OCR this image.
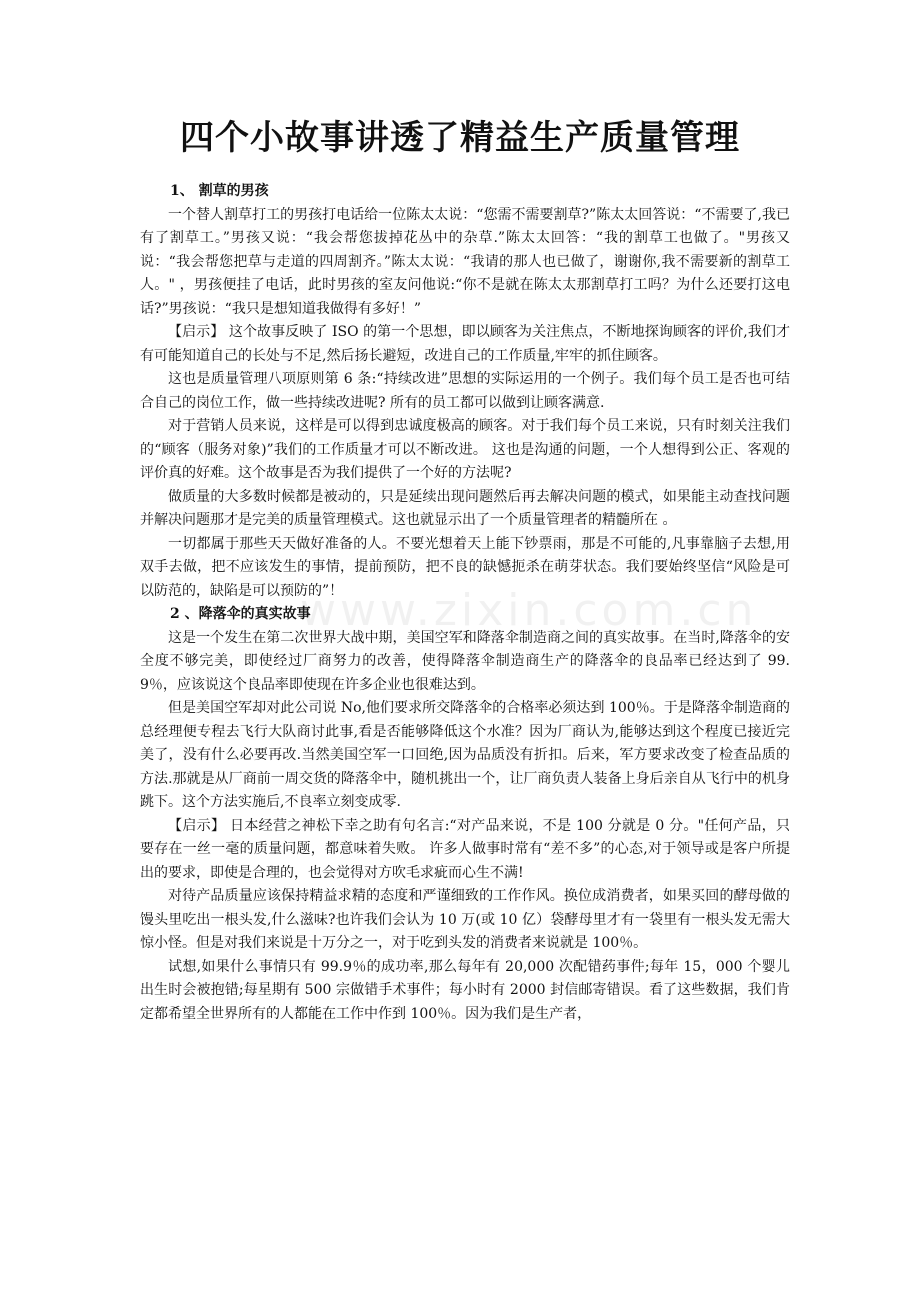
www.zixin.com.cn
四个小故事讲透了精益生产质量管理

1、 割草的男孩

一个替人割草打工的男孩打电话给一位陈太太说：“您需不需要割草?”陈太太回答说：“不需要了,我已有了割草工。”男孩又说：“我会帮您拔掉花丛中的杂草.”陈太太回答：“我的割草工也做了。"男孩又说：“我会帮您把草与走道的四周割齐。”陈太太说：“我请的那人也已做了，谢谢你,我不需要新的割草工人。" ，男孩便挂了电话，此时男孩的室友问他说:“你不是就在陈太太那割草打工吗？为什么还要打这电话?”男孩说：“我只是想知道我做得有多好！”

【启示】 这个故事反映了 ISO 的第一个思想，即以顾客为关注焦点，不断地探询顾客的评价,我们才有可能知道自己的长处与不足,然后扬长避短，改进自己的工作质量,牢牢的抓住顾客。

这也是质量管理八项原则第 6 条:“持续改进”思想的实际运用的一个例子。我们每个员工是否也可结合自己的岗位工作，做一些持续改进呢? 所有的员工都可以做到让顾客满意.

对于营销人员来说，这样是可以得到忠诚度极高的顾客。对于我们每个员工来说，只有时刻关注我们的“顾客（服务对象)”我们的工作质量才可以不断改进。 这也是沟通的问题，一个人想得到公正、客观的评价真的好难。这个故事是否为我们提供了一个好的方法呢?

做质量的大多数时候都是被动的，只是延续出现问题然后再去解决问题的模式，如果能主动查找问题并解决问题那才是完美的质量管理模式。这也就显示出了一个质量管理者的精髓所在 。

一切都属于那些天天做好准备的人。不要光想着天上能下钞票雨，那是不可能的,凡事靠脑子去想,用双手去做，把不应该发生的事情，提前预防，把不良的缺憾扼杀在萌芽状态。我们要始终坚信“风险是可以防范的，缺陷是可以预防的”！

2 、降落伞的真实故事

这是一个发生在第二次世界大战中期，美国空军和降落伞制造商之间的真实故事。在当时,降落伞的安全度不够完美，即使经过厂商努力的改善，使得降落伞制造商生产的降落伞的良品率已经达到了 99.9％，应该说这个良品率即使现在许多企业也很难达到。

但是美国空军却对此公司说 No,他们要求所交降落伞的合格率必须达到 100％。于是降落伞制造商的总经理便专程去飞行大队商讨此事,看是否能够降低这个水准？因为厂商认为,能够达到这个程度已接近完美了，没有什么必要再改.当然美国空军一口回绝,因为品质没有折扣。后来，军方要求改变了检查品质的方法.那就是从厂商前一周交货的降落伞中，随机挑出一个，让厂商负责人装备上身后亲自从飞行中的机身跳下。这个方法实施后,不良率立刻变成零.

【启示】 日本经营之神松下幸之助有句名言:“对产品来说，不是 100 分就是 0 分。"任何产品，只要存在一丝一毫的质量问题，都意味着失败。 许多人做事时常有“差不多”的心态,对于领导或是客户所提出的要求，即使是合理的，也会觉得对方吹毛求疵而心生不满!

对待产品质量应该保持精益求精的态度和严谨细致的工作作风。换位成消费者，如果买回的酵母做的馒头里吃出一根头发,什么滋味?也许我们会认为 10 万(或 10 亿）袋酵母里才有一袋里有一根头发无需大惊小怪。但是对我们来说是十万分之一，对于吃到头发的消费者来说就是 100％。

试想,如果什么事情只有 99.9％的成功率,那么每年有 20,000 次配错药事件;每年 15，000 个婴儿出生时会被抱错;每星期有 500 宗做错手术事件；每小时有 2000 封信邮寄错误。看了这些数据，我们肯定都希望全世界所有的人都能在工作中作到 100％。因为我们是生产者，
